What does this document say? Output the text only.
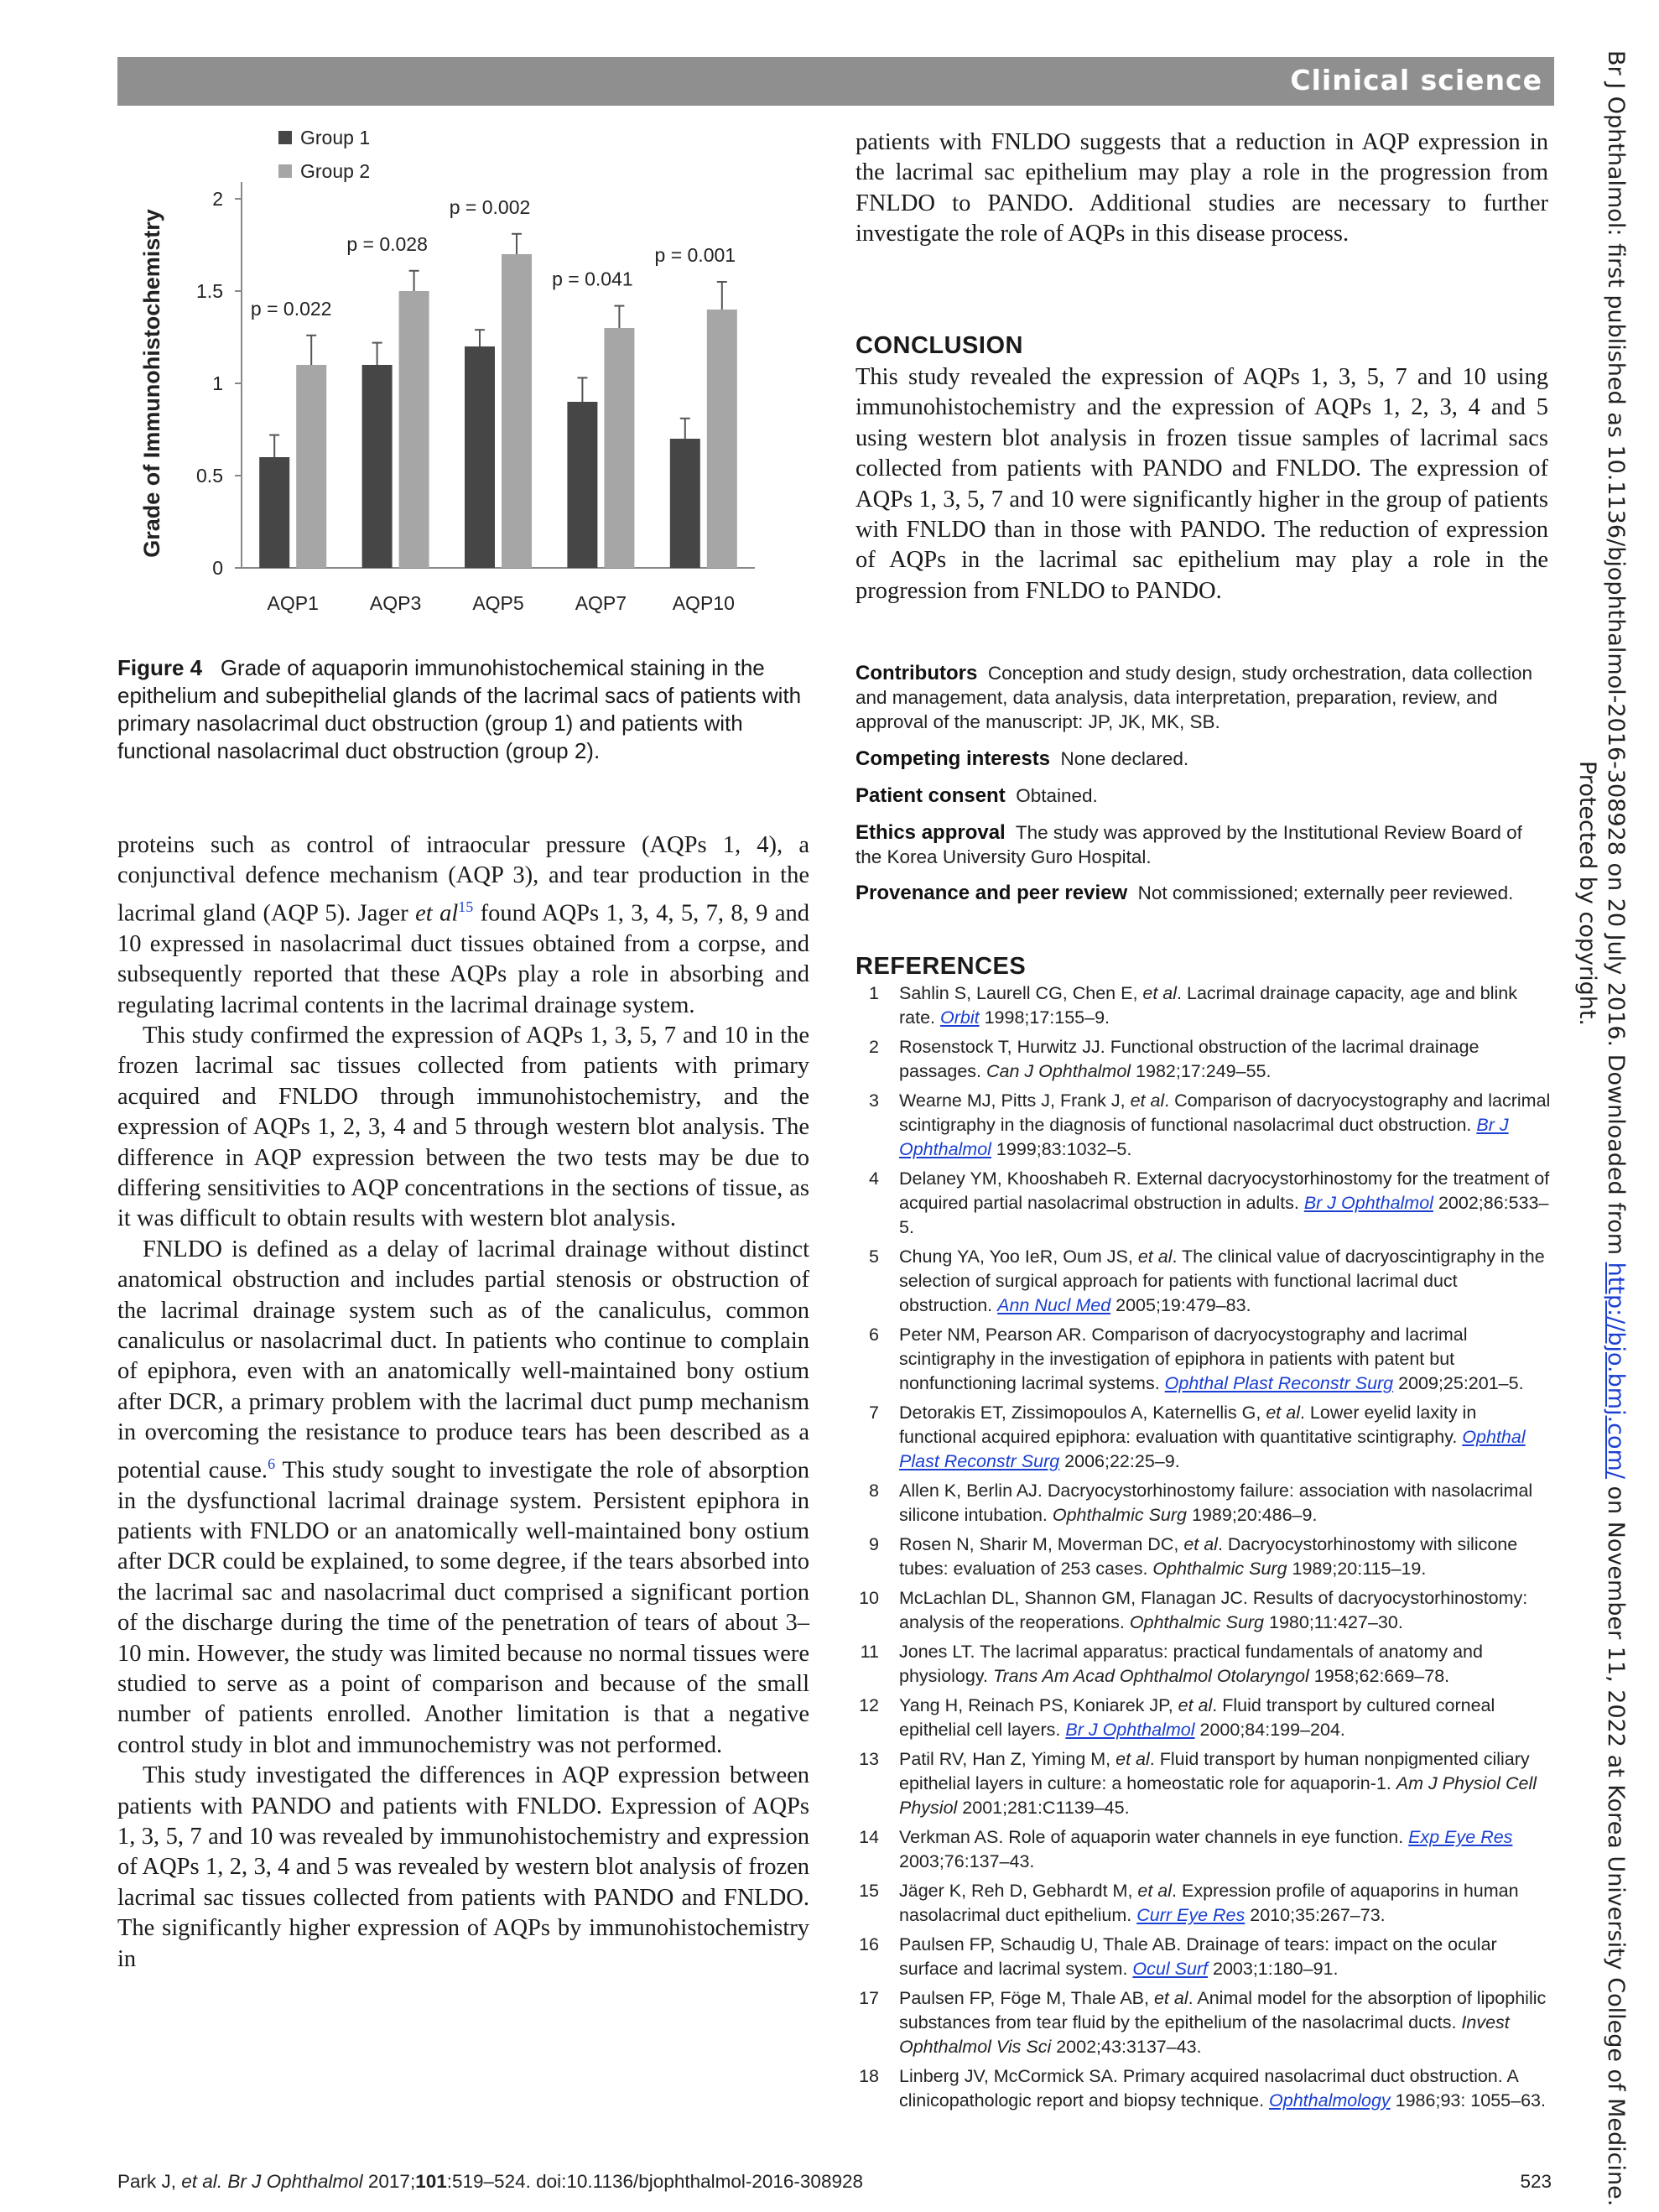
Clinical science	Br J Ophthalmol: first published as 10.1136/bjophthalmol-2016-308928 on 20 July 2016. Downloaded from http://bjo.bmj.com/ on November 11, 2022 at Korea University College of Medicine.
Protected by copyright.
0
0.5
1
1.5
2
Grade of Immunohistochemistry
AQP1
p = 0.022
AQP3
p = 0.028
AQP5
p = 0.002
AQP7
p = 0.041
AQP10
p = 0.001
Group 1
Group 2
Figure 4 Grade of aquaporin immunohistochemical staining in the epithelium and subepithelial glands of the lacrimal sacs of patients with primary nasolacrimal duct obstruction (group 1) and patients with functional nasolacrimal duct obstruction (group 2).

proteins such as control of intraocular pressure (AQPs 1, 4), a conjunctival defence mechanism (AQP 3), and tear production in the lacrimal gland (AQP 5). Jager et $al^{15}$ found AQPs 1, 3, 4, 5, 7, 8, 9 and 10 expressed in nasolacrimal duct tissues obtained from a corpse, and subsequently reported that these AQPs play a role in absorbing and regulating lacrimal contents in the lacrimal drainage system.

This study confirmed the expression of AQPs 1, 3, 5, 7 and 10 in the frozen lacrimal sac tissues collected from patients with primary acquired and FNLDO through immunohistochemistry, and the expression of AQPs 1, 2, 3, 4 and 5 through western blot analysis. The difference in AQP expression between the two tests may be due to differing sensitivities to AQP concentrations in the sections of tissue, as it was difficult to obtain results with western blot analysis.

FNLDO is defined as a delay of lacrimal drainage without distinct anatomical obstruction and includes partial stenosis or obstruction of the lacrimal drainage system such as of the canaliculus, common canaliculus or nasolacrimal duct. In patients who continue to complain of epiphora, even with an anatomically well-maintained bony ostium after DCR, a primary problem with the lacrimal duct pump mechanism in overcoming the resistance to produce tears has been described as a potential cause.$^6$ This study sought to investigate the role of absorption in the dysfunctional lacrimal drainage system. Persistent epiphora in patients with FNLDO or an anatomically well-maintained bony ostium after DCR could be explained, to some degree, if the tears absorbed into the lacrimal sac and nasolacrimal duct comprised a significant portion of the discharge during the time of the penetration of tears of about 3–10 min. However, the study was limited because no normal tissues were studied to serve as a point of comparison and because of the small number of patients enrolled. Another limitation is that a negative control study in blot and immunochemistry was not performed.

This study investigated the differences in AQP expression between patients with PANDO and patients with FNLDO. Expression of AQPs 1, 3, 5, 7 and 10 was revealed by immunohistochemistry and expression of AQPs 1, 2, 3, 4 and 5 was revealed by western blot analysis of frozen lacrimal sac tissues collected from patients with PANDO and FNLDO. The significantly higher expression of AQPs by immunohistochemistry in

patients with FNLDO suggests that a reduction in AQP expression in the lacrimal sac epithelium may play a role in the progression from FNLDO to PANDO. Additional studies are necessary to further investigate the role of AQPs in this disease process.

CONCLUSION

This study revealed the expression of AQPs 1, 3, 5, 7 and 10 using immunohistochemistry and the expression of AQPs 1, 2, 3, 4 and 5 using western blot analysis in frozen tissue samples of lacrimal sacs collected from patients with PANDO and FNLDO. The expression of AQPs 1, 3, 5, 7 and 10 were significantly higher in the group of patients with FNLDO than in those with PANDO. The reduction of expression of AQPs in the lacrimal sac epithelium may play a role in the progression from FNLDO to PANDO.

Contributors Conception and study design, study orchestration, data collection and management, data analysis, data interpretation, preparation, review, and approval of the manuscript: JP, JK, MK, SB.

Competing interests None declared.

Patient consent Obtained.

Ethics approval The study was approved by the Institutional Review Board of the Korea University Guro Hospital.

Provenance and peer review Not commissioned; externally peer reviewed.

REFERENCES
1 Sahlin S, Laurell CG, Chen E, et al. Lacrimal drainage capacity, age and blink rate. Orbit 1998;17:155–9.
2 Rosenstock T, Hurwitz JJ. Functional obstruction of the lacrimal drainage passages. Can J Ophthalmol 1982;17:249–55.
3 Wearne MJ, Pitts J, Frank J, et al. Comparison of dacryocystography and lacrimal scintigraphy in the diagnosis of functional nasolacrimal duct obstruction. Br J Ophthalmol 1999;83:1032–5.
4 Delaney YM, Khooshabeh R. External dacryocystorhinostomy for the treatment of acquired partial nasolacrimal obstruction in adults. Br J Ophthalmol 2002;86:533–5.
5 Chung YA, Yoo IeR, Oum JS, et al. The clinical value of dacryoscintigraphy in the selection of surgical approach for patients with functional lacrimal duct obstruction. Ann Nucl Med 2005;19:479–83.
6 Peter NM, Pearson AR. Comparison of dacryocystography and lacrimal scintigraphy in the investigation of epiphora in patients with patent but nonfunctioning lacrimal systems. Ophthal Plast Reconstr Surg 2009;25:201–5.
7 Detorakis ET, Zissimopoulos A, Katernellis G, et al. Lower eyelid laxity in functional acquired epiphora: evaluation with quantitative scintigraphy. Ophthal Plast Reconstr Surg 2006;22:25–9.
8 Allen K, Berlin AJ. Dacryocystorhinostomy failure: association with nasolacrimal silicone intubation. Ophthalmic Surg 1989;20:486–9.
9 Rosen N, Sharir M, Moverman DC, et al. Dacryocystorhinostomy with silicone tubes: evaluation of 253 cases. Ophthalmic Surg 1989;20:115–19.
10 McLachlan DL, Shannon GM, Flanagan JC. Results of dacryocystorhinostomy: analysis of the reoperations. Ophthalmic Surg 1980;11:427–30.
11 Jones LT. The lacrimal apparatus: practical fundamentals of anatomy and physiology. Trans Am Acad Ophthalmol Otolaryngol 1958;62:669–78.
12 Yang H, Reinach PS, Koniarek JP, et al. Fluid transport by cultured corneal epithelial cell layers. Br J Ophthalmol 2000;84:199–204.
13 Patil RV, Han Z, Yiming M, et al. Fluid transport by human nonpigmented ciliary epithelial layers in culture: a homeostatic role for aquaporin-1. Am J Physiol Cell Physiol 2001;281:C1139–45.
14 Verkman AS. Role of aquaporin water channels in eye function. Exp Eye Res 2003;76:137–43.
15 Jäger K, Reh D, Gebhardt M, et al. Expression profile of aquaporins in human nasolacrimal duct epithelium. Curr Eye Res 2010;35:267–73.
16 Paulsen FP, Schaudig U, Thale AB. Drainage of tears: impact on the ocular surface and lacrimal system. Ocul Surf 2003;1:180–91.
17 Paulsen FP, Föge M, Thale AB, et al. Animal model for the absorption of lipophilic substances from tear fluid by the epithelium of the nasolacrimal ducts. Invest Ophthalmol Vis Sci 2002;43:3137–43.
18 Linberg JV, McCormick SA. Primary acquired nasolacrimal duct obstruction. A clinicopathologic report and biopsy technique. Ophthalmology 1986;93: 1055–63.
Park J, et al. Br J Ophthalmol 2017;101:519–524. doi:10.1136/bjophthalmol-2016-308928	523
